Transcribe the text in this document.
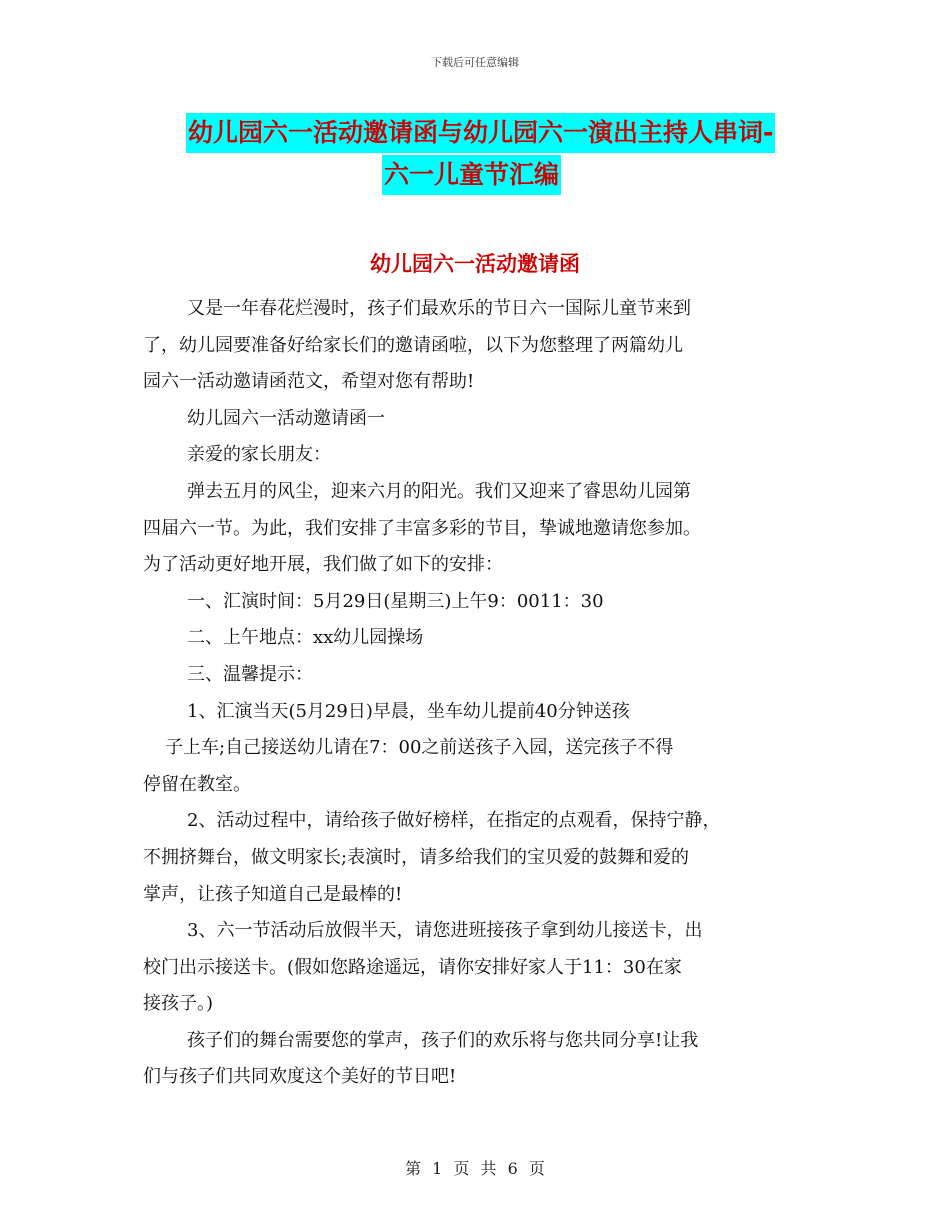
下载后可任意编辑
幼儿园六一活动邀请函与幼儿园六一演出主持人串词-
六一儿童节汇编
幼儿园六一活动邀请函
又是一年春花烂漫时，孩子们最欢乐的节日六一国际儿童节来到
了，幼儿园要准备好给家长们的邀请函啦，以下为您整理了两篇幼儿
园六一活动邀请函范文，希望对您有帮助!
幼儿园六一活动邀请函一
亲爱的家长朋友：
弹去五月的风尘，迎来六月的阳光。我们又迎来了睿思幼儿园第
四届六一节。为此，我们安排了丰富多彩的节目，挚诚地邀请您参加。
为了活动更好地开展，我们做了如下的安排：
一、汇演时间：5月29日(星期三)上午9：0011：30
二、上午地点：xx幼儿园操场
三、温馨提示：
1、汇演当天(5月29日)早晨，坐车幼儿提前40分钟送孩
子上车;自己接送幼儿请在7：00之前送孩子入园，送完孩子不得
停留在教室。
2、活动过程中，请给孩子做好榜样，在指定的点观看，保持宁静，
不拥挤舞台，做文明家长;表演时，请多给我们的宝贝爱的鼓舞和爱的
掌声，让孩子知道自己是最棒的!
3、六一节活动后放假半天，请您进班接孩子拿到幼儿接送卡，出
校门出示接送卡。(假如您路途遥远，请你安排好家人于11：30在家
接孩子。)
孩子们的舞台需要您的掌声，孩子们的欢乐将与您共同分享!让我
们与孩子们共同欢度这个美好的节日吧!
第 1 页 共 6 页
